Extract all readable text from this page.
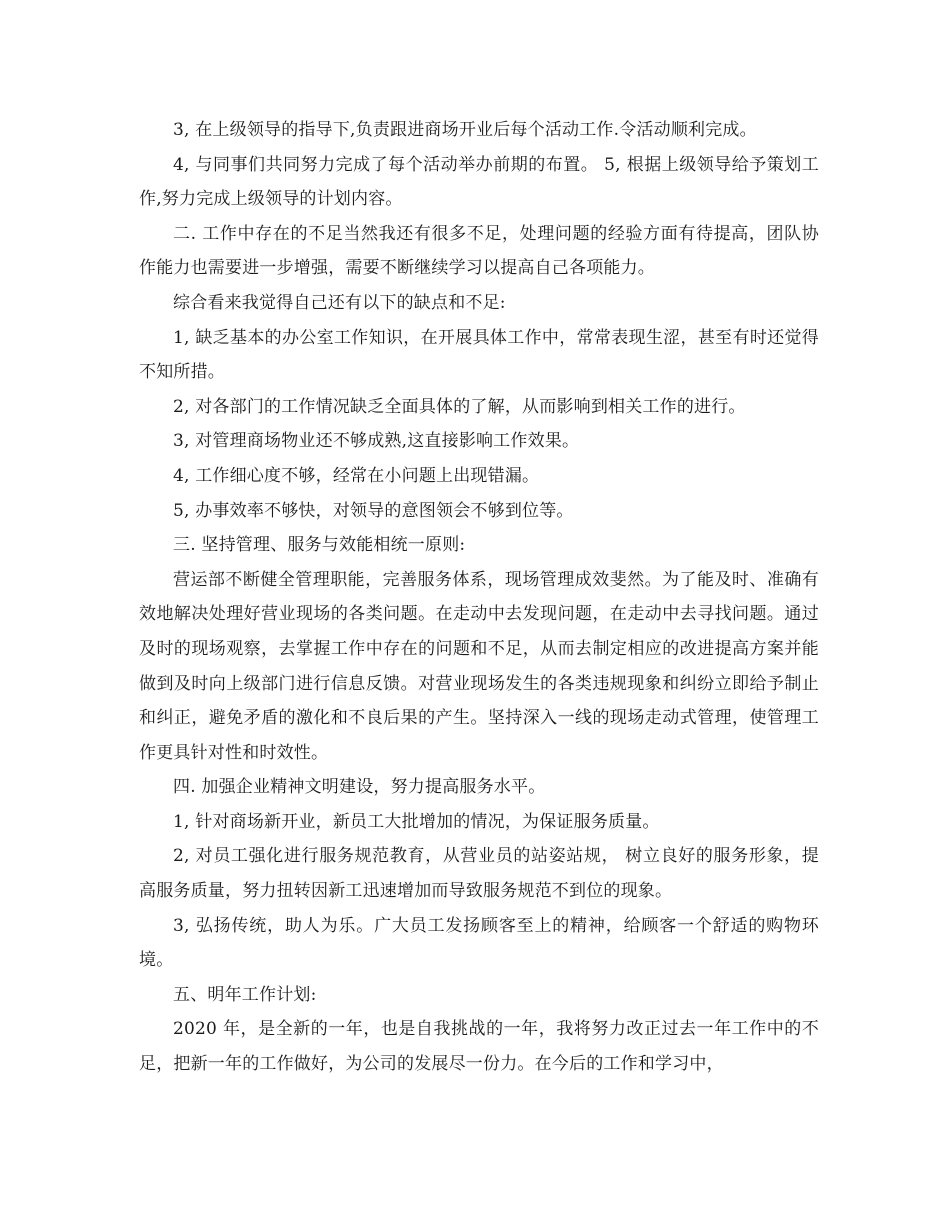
3, 在上级领导的指导下,负责跟进商场开业后每个活动工作.令活动顺利完成。

4, 与同事们共同努力完成了每个活动举办前期的布置。 5, 根据上级领导给予策划工作,努力完成上级领导的计划内容。

二. 工作中存在的不足当然我还有很多不足，处理问题的经验方面有待提高，团队协作能力也需要进一步增强，需要不断继续学习以提高自己各项能力。

综合看来我觉得自己还有以下的缺点和不足:

1, 缺乏基本的办公室工作知识，在开展具体工作中，常常表现生涩，甚至有时还觉得不知所措。

2, 对各部门的工作情况缺乏全面具体的了解，从而影响到相关工作的进行。

3, 对管理商场物业还不够成熟,这直接影响工作效果。

4, 工作细心度不够，经常在小问题上出现错漏。

5, 办事效率不够快，对领导的意图领会不够到位等。

三. 坚持管理、服务与效能相统一原则:

营运部不断健全管理职能，完善服务体系，现场管理成效斐然。为了能及时、准确有效地解决处理好营业现场的各类问题。在走动中去发现问题，在走动中去寻找问题。通过及时的现场观察，去掌握工作中存在的问题和不足，从而去制定相应的改进提高方案并能做到及时向上级部门进行信息反馈。对营业现场发生的各类违规现象和纠纷立即给予制止和纠正，避免矛盾的激化和不良后果的产生。坚持深入一线的现场走动式管理，使管理工作更具针对性和时效性。

四. 加强企业精神文明建设，努力提高服务水平。

1, 针对商场新开业，新员工大批增加的情况，为保证服务质量。

2, 对员工强化进行服务规范教育，从营业员的站姿站规， 树立良好的服务形象，提高服务质量，努力扭转因新工迅速增加而导致服务规范不到位的现象。

3, 弘扬传统，助人为乐。广大员工发扬顾客至上的精神，给顾客一个舒适的购物环境。

五、明年工作计划:

2020 年，是全新的一年，也是自我挑战的一年，我将努力改正过去一年工作中的不足，把新一年的工作做好，为公司的发展尽一份力。在今后的工作和学习中，
